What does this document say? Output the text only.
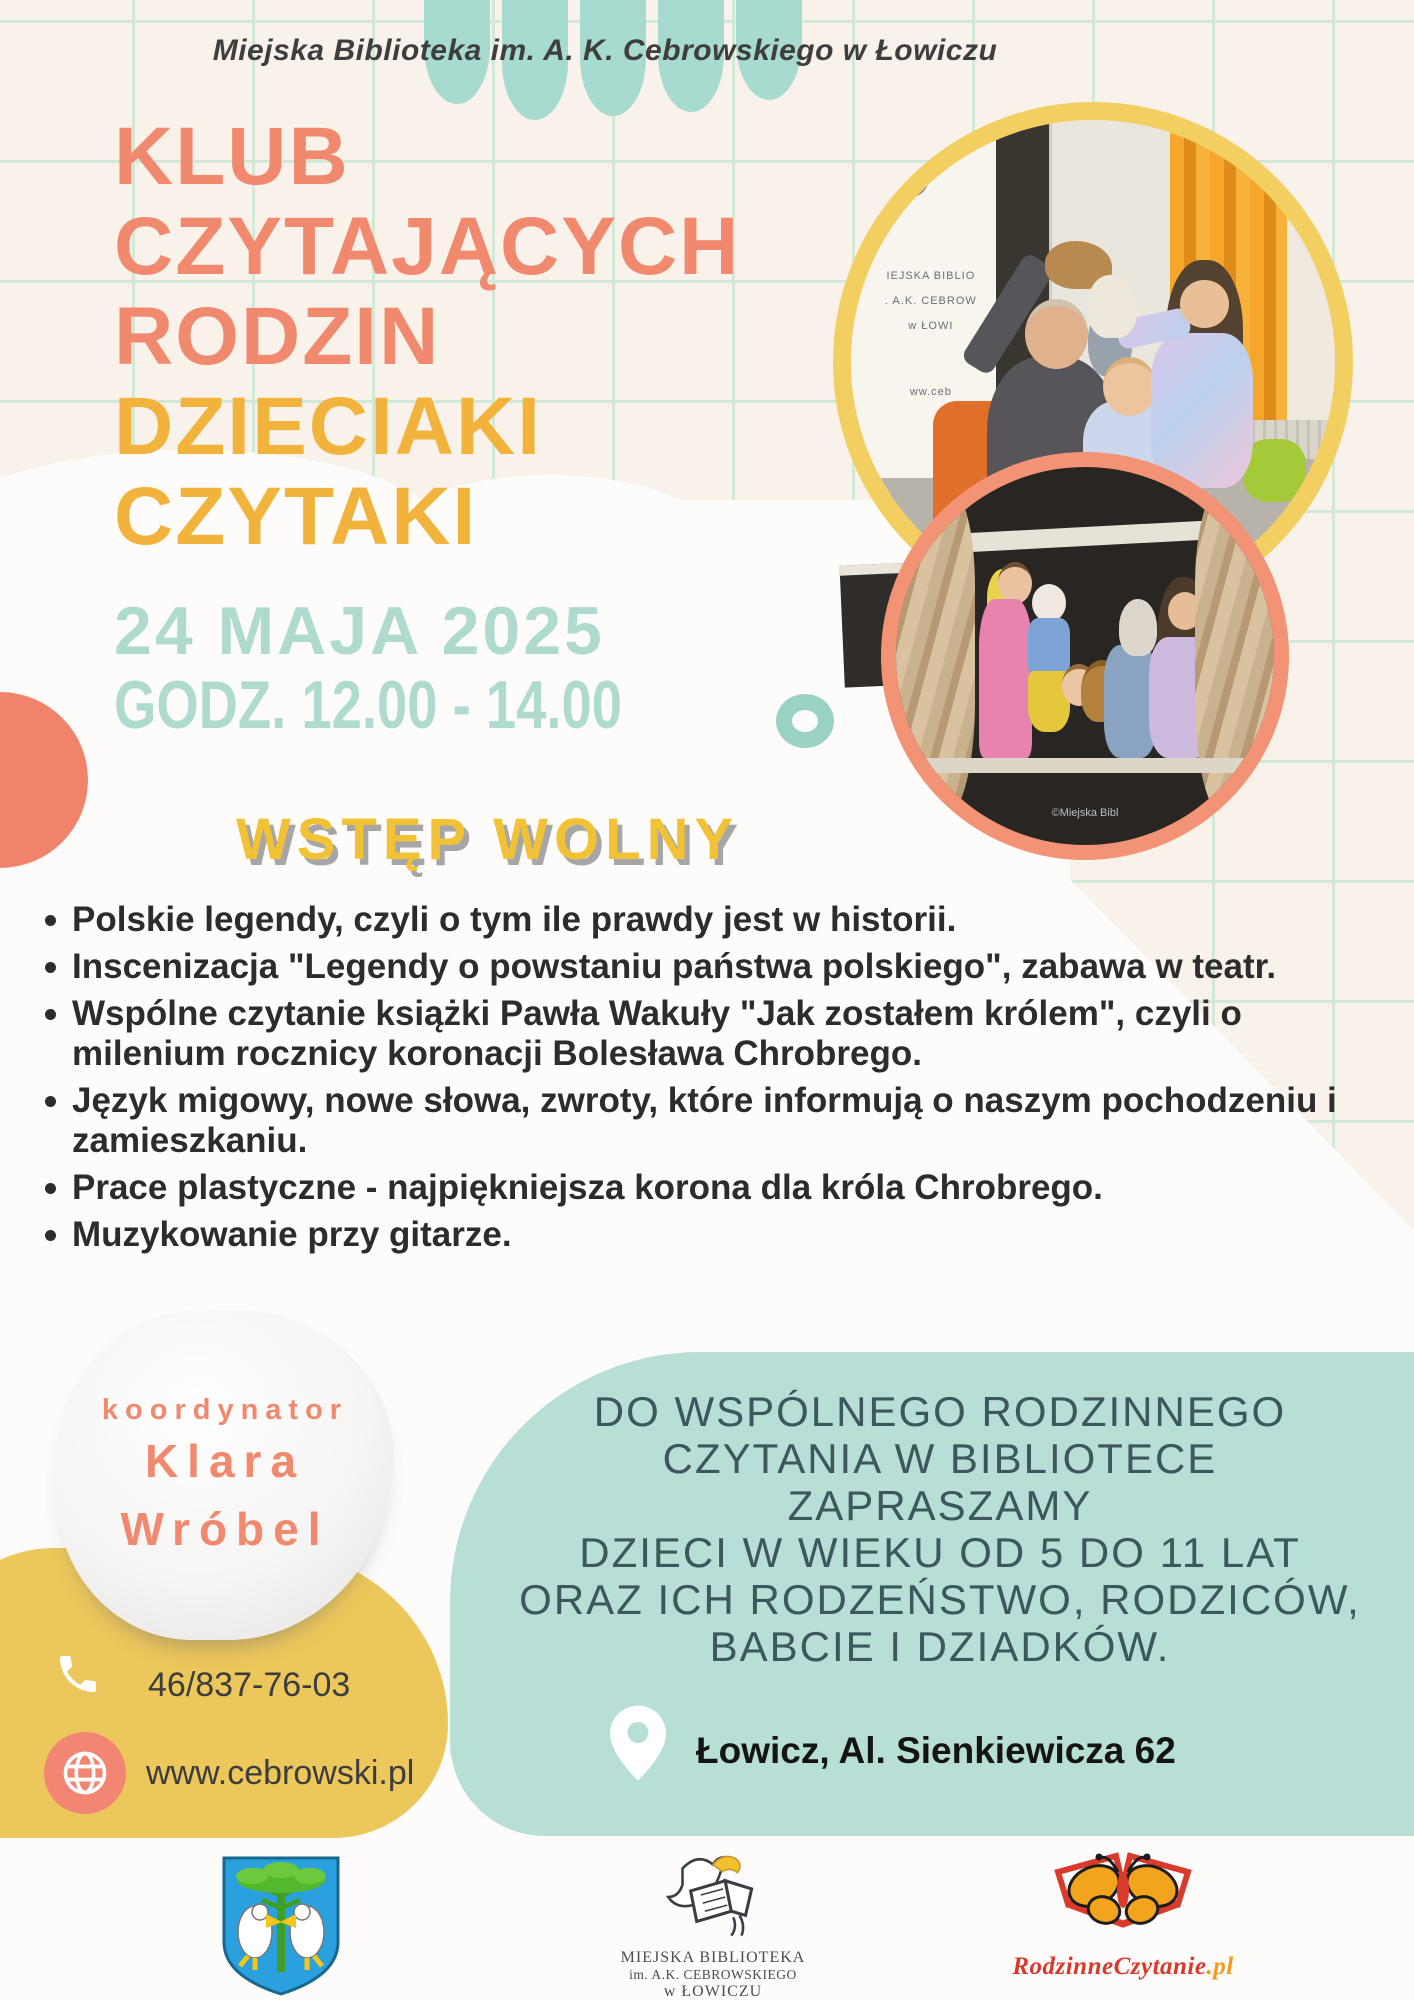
Miejska Biblioteka im. A. K. Cebrowskiego w Łowiczu
KLUB
CZYTAJĄCYCH
RODZIN
DZIECIAKI
CZYTAKI
24 MAJA 2025
GODZ. 12.00 - 14.00
WSTĘP WOLNY
IEJSKA BIBLIO
. A.K. CEBROW
w ŁOWI
ww.ceb
©Miejska Bibl
Polskie legendy, czyli o tym ile prawdy jest w historii.
Inscenizacja "Legendy o powstaniu państwa polskiego", zabawa w teatr.
Wspólne czytanie książki Pawła Wakuły "Jak zostałem królem", czyli o milenium rocznicy koronacji Bolesława Chrobrego.
Język migowy, nowe słowa, zwroty, które informują o naszym pochodzeniu i zamieszkaniu.
Prace plastyczne - najpiękniejsza korona dla króla Chrobrego.
Muzykowanie przy gitarze.
koordynator
Klara
Wróbel
46/837-76-03
www.cebrowski.pl
DO WSPÓLNEGO RODZINNEGO
CZYTANIA W BIBLIOTECE
ZAPRASZAMY
DZIECI W WIEKU OD 5 DO 11 LAT
ORAZ ICH RODZEŃSTWO, RODZICÓW,
BABCIE I DZIADKÓW.
Łowicz, Al. Sienkiewicza 62
MIEJSKA BIBLIOTEKA
im. A.K. CEBROWSKIEGO
w ŁOWICZU
RodzinneCzytanie.pl
